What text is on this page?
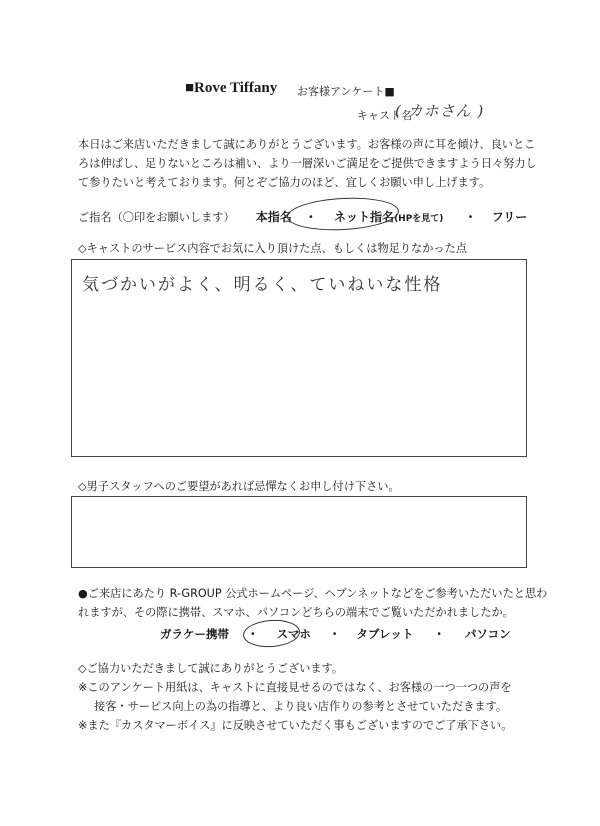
■Rove Tiffany お客様アンケート■
キャスト名
( カホさん )
本日はご来店いただきまして誠にありがとうございます。お客様の声に耳を傾け、良いところは伸ばし、足りないところは補い、より一層深いご満足をご提供できますよう日々努力して参りたいと考えております。何とぞご協力のほど、宜しくお願い申し上げます。
ご指名（〇印をお願いします） 本指名 ・ ネット指名(HPを見て) ・ フリー
◇キャストのサービス内容でお気に入り頂けた点、もしくは物足りなかった点
気づかいがよく、明るく、ていねいな性格
◇男子スタッフへのご要望があれば忌憚なくお申し付け下さい。
●ご来店にあたり R-GROUP 公式ホームページ、ヘブンネットなどをご参考いただいたと思われますが、その際に携帯、スマホ、パソコンどちらの端末でご覧いただかれましたか。
ガラケー携帯 ・ スマホ ・ タブレット ・ パソコン
◇ご協力いただきまして誠にありがとうございます。
※このアンケート用紙は、キャストに直接見せるのではなく、お客様の一つ一つの声を
接客・サービス向上の為の指導と、より良い店作りの参考とさせていただきます。
※また『カスタマーボイス』に反映させていただく事もございますのでご了承下さい。
